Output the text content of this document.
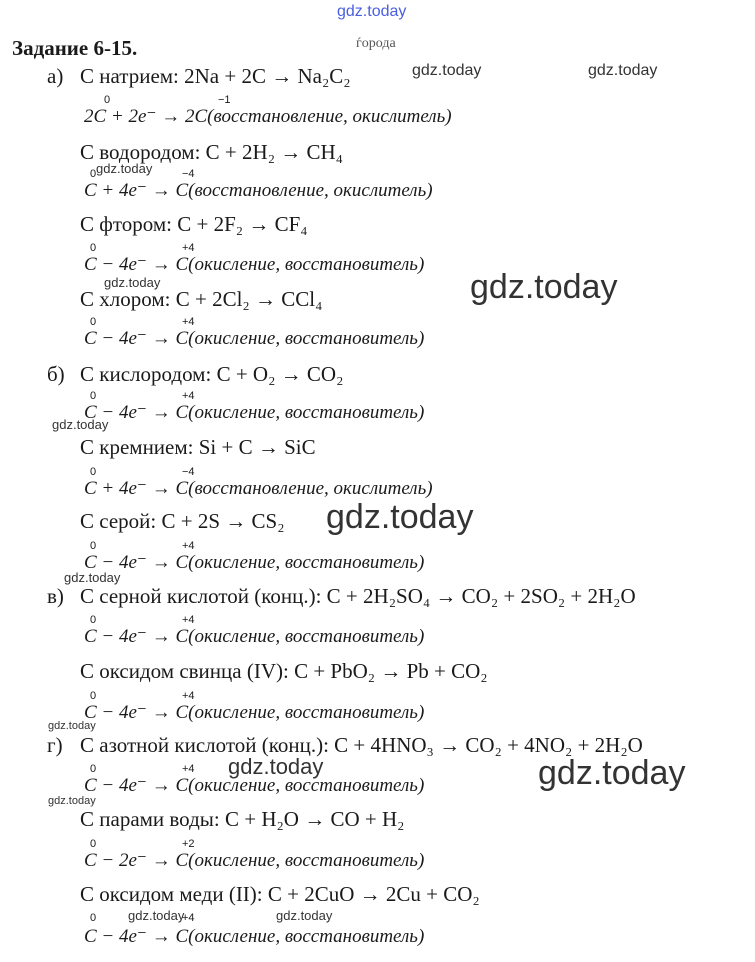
gdz.today
Задание 6-15.	ѓорода
а)
б)
в)
г)
С натрием: 2Na + 2C → Na₂C₂
0	−1
2C + 2e⁻ → 2C(восстановление, окислитель)
С водородом: C + 2H₂ → CH₄
0	−4
C + 4e⁻ → C(восстановление, окислитель)
С фтором: C + 2F₂ → CF₄
0	+4
C − 4e⁻ → C(окисление, восстановитель)
С хлором: C + 2Cl₂ → CCl₄
0	+4
C − 4e⁻ → C(окисление, восстановитель)
С кислородом: C + O₂ → CO₂
0	+4
C − 4e⁻ → C(окисление, восстановитель)
С кремнием: Si + C → SiC
0	−4
C + 4e⁻ → C(восстановление, окислитель)
С серой: C + 2S → CS₂
0	+4
C − 4e⁻ → C(окисление, восстановитель)
С серной кислотой (конц.): C + 2H₂SO₄ → CO₂ + 2SO₂ + 2H₂O
0	+4
C − 4e⁻ → C(окисление, восстановитель)
С оксидом свинца (IV): C + PbO₂ → Pb + CO₂
0	+4
C − 4e⁻ → C(окисление, восстановитель)
С азотной кислотой (конц.): C + 4HNO₃ → CO₂ + 4NO₂ + 2H₂O
0	+4
C − 4e⁻ → C(окисление, восстановитель)
С парами воды: C + H₂O → CO + H₂
0	+2
C − 2e⁻ → C(окисление, восстановитель)
С оксидом меди (II): C + 2CuO → 2Cu + CO₂
0	+4
C − 4e⁻ → C(окисление, восстановитель)
gdz.today	gdz.today
gdz.today
gdz.today	gdz.today
gdz.today
gdz.today
gdz.today
gdz.today
gdz.today	gdz.today
gdz.today
gdz.today	gdz.today
